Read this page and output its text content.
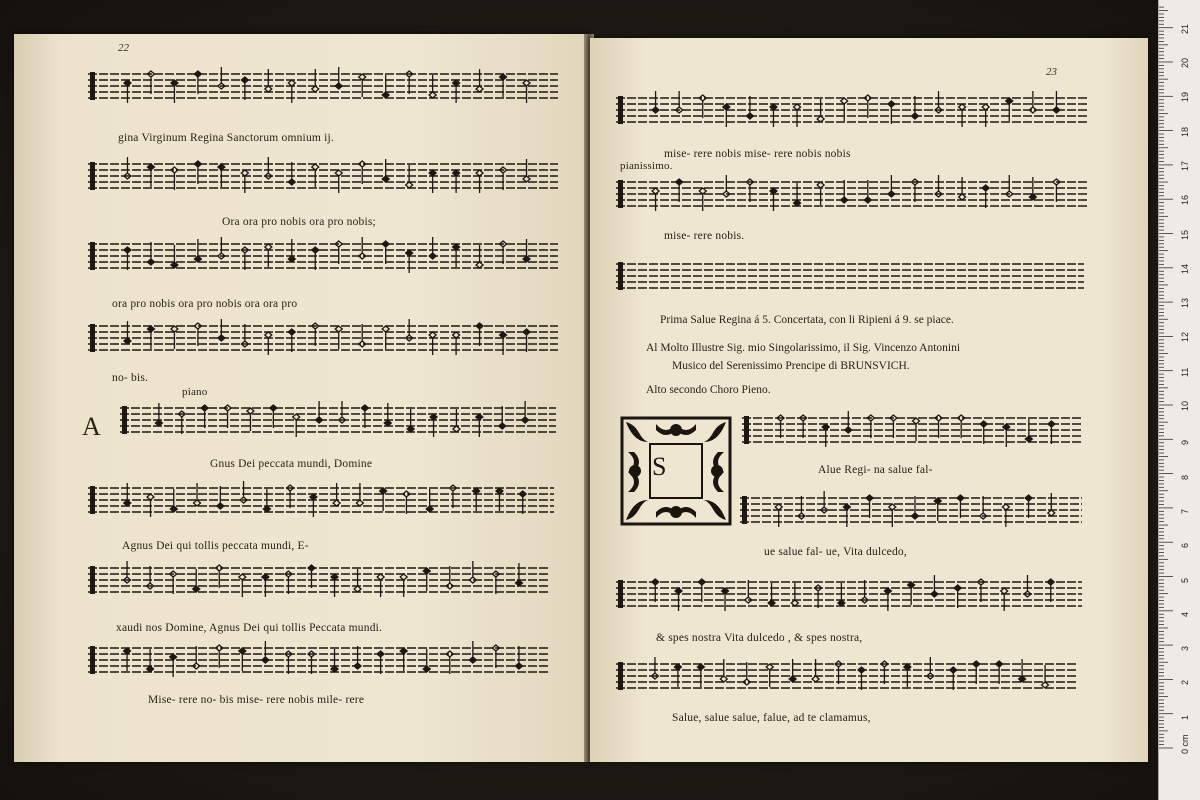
22
23
gina Virginum Regina Sanctorum omnium ij.
Ora ora pro nobis ora pro nobis;
ora pro nobis ora pro nobis ora ora pro
no- bis.
piano
A
Gnus Dei peccata mundi, Domine
Agnus Dei qui tollis peccata mundi, E-
xaudi nos Domine, Agnus Dei qui tollis Peccata mundi.
Mise- rere no- bis mise- rere nobis mile- rere
mise- rere nobis mise- rere nobis nobis
pianissimo.
mise- rere nobis.
Prima Salue Regina á 5. Concertata, con li Ripieni á 9. se piace.
Al Molto Illustre Sig. mio Singolarissimo, il Sig. Vincenzo Antonini
Musico del Serenissimo Prencipe di BRUNSVICH.
Alto secondo Choro Pieno.
S	Alue Regi- na salue fal-
ue salue fal- ue, Vita dulcedo,
& spes nostra Vita dulcedo , & spes nostra,
Salue, salue salue, falue, ad te clamamus,
0 cm
1
2
3
4
5
6
7
8
9
10
11
12
13
14
15
16
17
18
19
20
21
